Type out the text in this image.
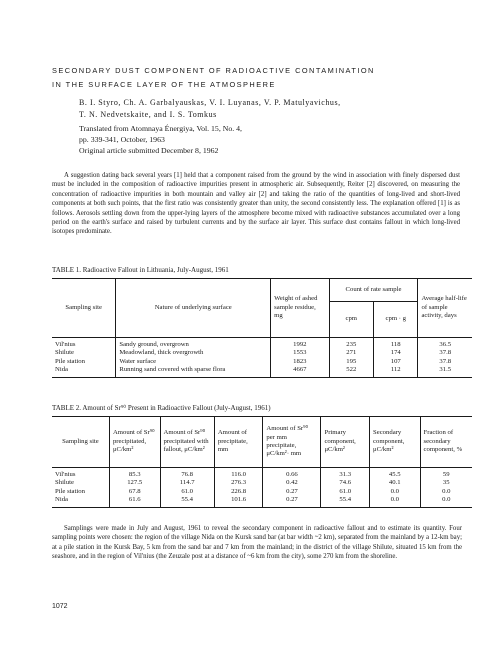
SECONDARY DUST COMPONENT OF RADIOACTIVE CONTAMINATION
IN THE SURFACE LAYER OF THE ATMOSPHERE
B. I. Styro, Ch. A. Garbalyauskas, V. I. Luyanas, V. P. Matulyavichus,
T. N. Nedvetskaite, and I. S. Tomkus
Translated from Atomnaya Énergiya, Vol. 15, No. 4,
pp. 339-341, October, 1963
Original article submitted December 8, 1962
A suggestion dating back several years [1] held that a component raised from the ground by the wind in association with finely dispersed dust must be included in the composition of radioactive impurities present in atmospheric air. Subsequently, Reiter [2] discovered, on measuring the concentration of radioactive impurities in both mountain and valley air [2] and taking the ratio of the quantities of long-lived and short-lived components at both such points, that the first ratio was consistently greater than unity, the second consistently less. The explanation offered [1] is as follows. Aerosols settling down from the upper-lying layers of the atmosphere become mixed with radioactive substances accumulated over a long period on the earth's surface and raised by turbulent currents and by the surface air layer. This surface dust contains fallout in which long-lived isotopes predominate.
TABLE 1. Radioactive Fallout in Lithuania, July-August, 1961
Sampling site	Nature of underlying surface	Weight of ashed sample residue, mg	Count of rate sample		Average half-life of sample activity, days
			cpm	cpm · g	
Vil'nius	Sandy ground, overgrown	1992	235	118	36.5
Shilute	Meadowland, thick overgrowth	1553	271	174	37.8
Pile station	Water surface	1823	195	107	37.8
Nida	Running sand covered with sparse flora	4667	522	112	31.5
TABLE 2. Amount of Sr⁹⁰ Present in Radioactive Fallout (July-August, 1961)
Sampling site	Amount of Sr⁹⁰ precipitated, μC/km²	Amount of Sr⁹⁰ precipitated with fallout, μC/km²	Amount of precipitate, mm	Amount of Sr⁹⁰ per mm precipitate, μC/km²· mm	Primary component, μC/km²	Secondary component, μC/km²	Fraction of secondary component, %
Vil'nius	85.3	76.8	116.0	0.66	31.3	45.5	59
Shilute	127.5	114.7	276.3	0.42	74.6	40.1	35
Pile station	67.8	61.0	226.8	0.27	61.0	0.0	0.0
Nida	61.6	55.4	101.6	0.27	55.4	0.0	0.0
Samplings were made in July and August, 1961 to reveal the secondary component in radioactive fallout and to estimate its quantity. Four sampling points were chosen: the region of the village Nida on the Kursk sand bar (at bar width ~2 km), separated from the mainland by a 12-km bay; at a pile station in the Kursk Bay, 5 km from the sand bar and 7 km from the mainland; in the district of the village Shilute, situated 15 km from the seashore, and in the region of Vil'nius (the Zeuzale post at a distance of ~6 km from the city), some 270 km from the shoreline.
1072
